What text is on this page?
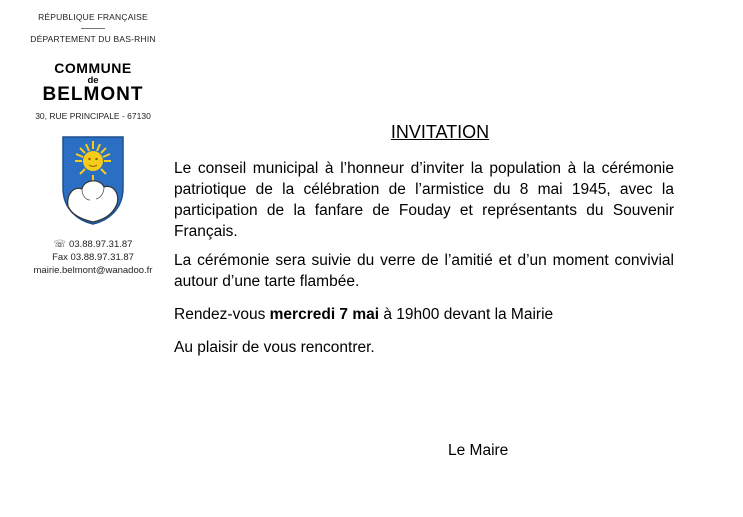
RÉPUBLIQUE FRANÇAISE
DÉPARTEMENT DU BAS-RHIN
COMMUNE
de
BELMONT
30, RUE PRINCIPALE - 67130
☏ 03.88.97.31.87
Fax 03.88.97.31.87
mairie.belmont@wanadoo.fr
INVITATION

Le conseil municipal à l’honneur d’inviter la population à la cérémonie patriotique de la célébration de l’armistice du 8 mai 1945, avec la participation de la fanfare de Fouday et représentants du Souvenir Français.

La cérémonie sera suivie du verre de l’amitié et d’un moment convivial autour d’une tarte flambée.

Rendez-vous mercredi 7 mai à 19h00 devant la Mairie

Au plaisir de vous rencontrer.

Le Maire
